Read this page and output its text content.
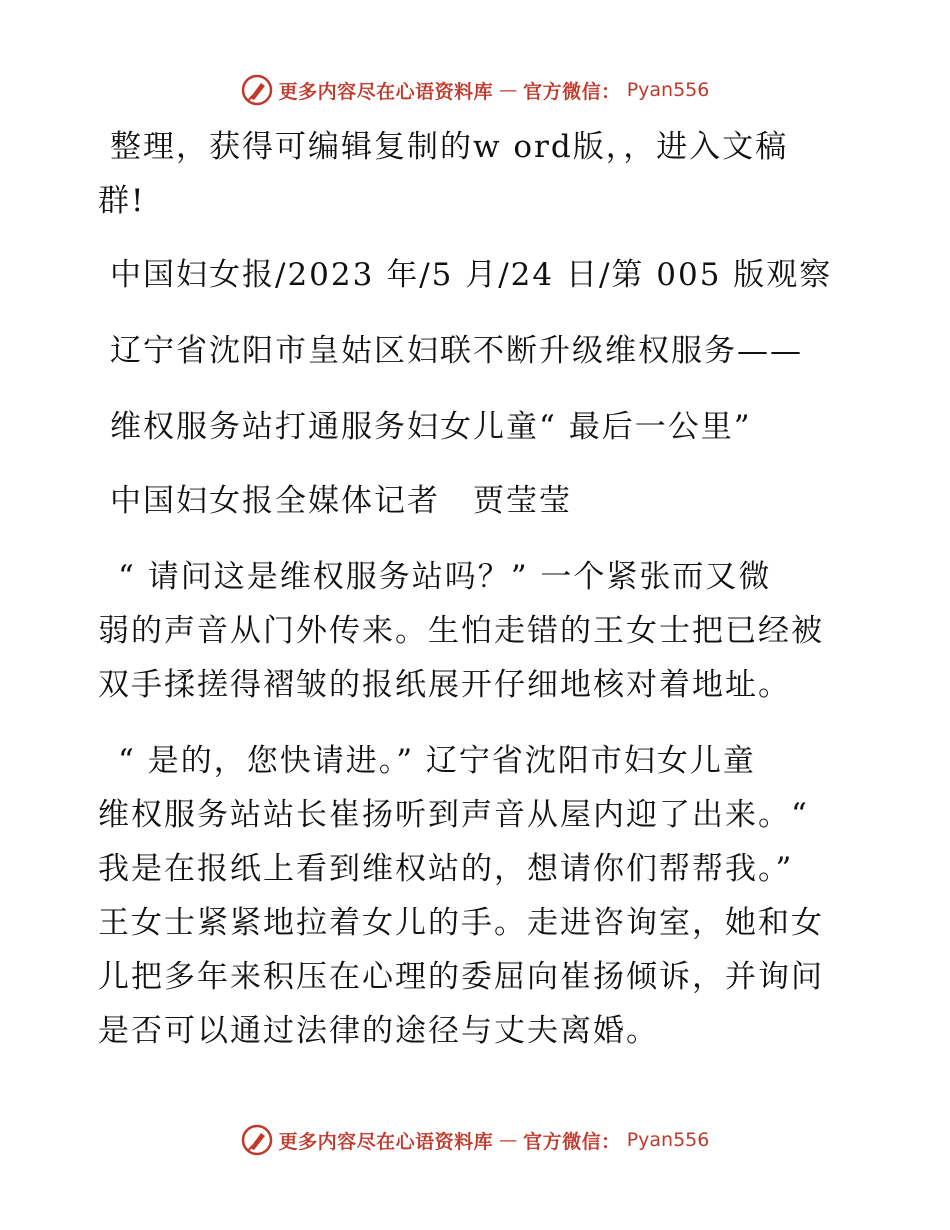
更多内容尽在心语资料库 — 官方微信： Pyan556
整理，获得可编辑复制的w ord版，，进入文稿
群!
中国妇女报/2023 年/5 月/24 日/第 005 版观察
辽宁省沈阳市皇姑区妇联不断升级维权服务——
维权服务站打通服务妇女儿童“ 最后一公里”
中国妇女报全媒体记者　贾莹莹
“ 请问这是维权服务站吗？” 一个紧张而又微
弱的声音从门外传来。生怕走错的王女士把已经被
双手揉搓得褶皱的报纸展开仔细地核对着地址。
“ 是的，您快请进。” 辽宁省沈阳市妇女儿童
维权服务站站长崔扬听到声音从屋内迎了出来。“
我是在报纸上看到维权站的，想请你们帮帮我。”
王女士紧紧地拉着女儿的手。走进咨询室，她和女
儿把多年来积压在心理的委屈向崔扬倾诉，并询问
是否可以通过法律的途径与丈夫离婚。
更多内容尽在心语资料库 — 官方微信： Pyan556
